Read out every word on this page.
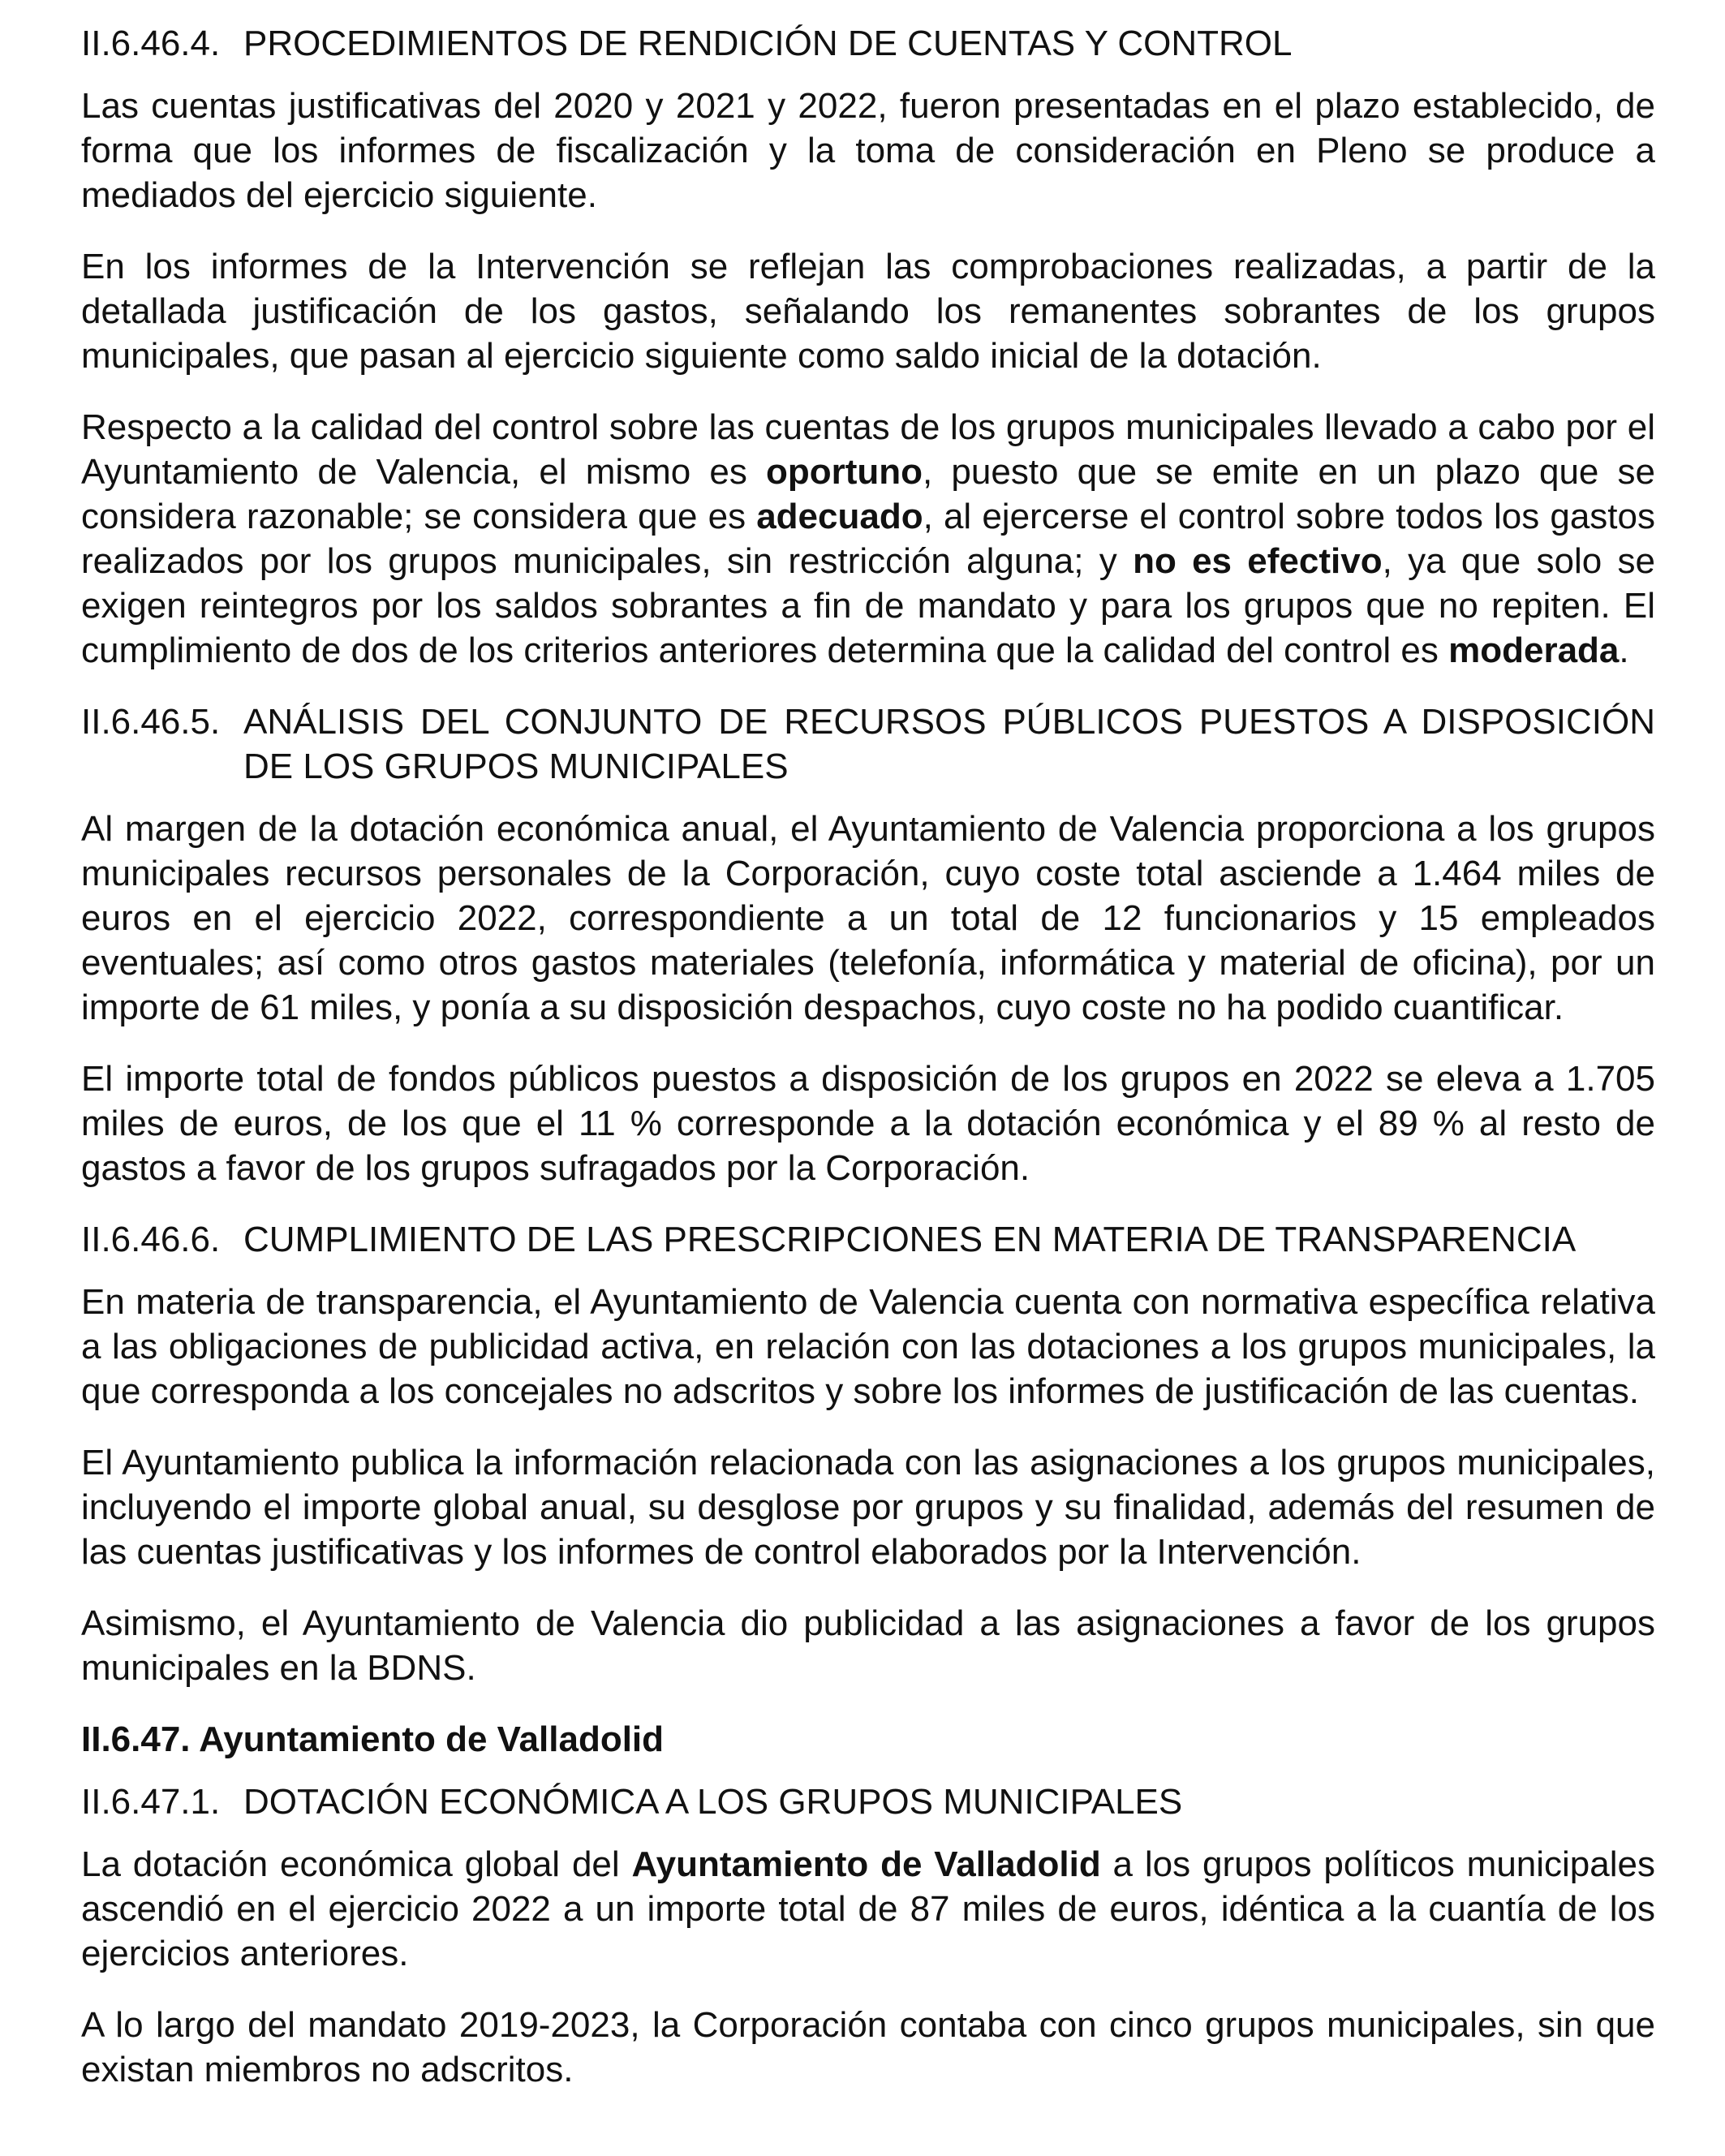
II.6.46.4. PROCEDIMIENTOS DE RENDICIÓN DE CUENTAS Y CONTROL

Las cuentas justificativas del 2020 y 2021 y 2022, fueron presentadas en el plazo establecido, de forma que los informes de fiscalización y la toma de consideración en Pleno se produce a mediados del ejercicio siguiente.

En los informes de la Intervención se reflejan las comprobaciones realizadas, a partir de la detallada justificación de los gastos, señalando los remanentes sobrantes de los grupos municipales, que pasan al ejercicio siguiente como saldo inicial de la dotación.

Respecto a la calidad del control sobre las cuentas de los grupos municipales llevado a cabo por el Ayuntamiento de Valencia, el mismo es oportuno, puesto que se emite en un plazo que se considera razonable; se considera que es adecuado, al ejercerse el control sobre todos los gastos realizados por los grupos municipales, sin restricción alguna; y no es efectivo, ya que solo se exigen reintegros por los saldos sobrantes a fin de mandato y para los grupos que no repiten. El cumplimiento de dos de los criterios anteriores determina que la calidad del control es moderada.

II.6.46.5. ANÁLISIS DEL CONJUNTO DE RECURSOS PÚBLICOS PUESTOS A DISPOSICIÓN DE LOS GRUPOS MUNICIPALES

Al margen de la dotación económica anual, el Ayuntamiento de Valencia proporciona a los grupos municipales recursos personales de la Corporación, cuyo coste total asciende a 1.464 miles de euros en el ejercicio 2022, correspondiente a un total de 12 funcionarios y 15 empleados eventuales; así como otros gastos materiales (telefonía, informática y material de oficina), por un importe de 61 miles, y ponía a su disposición despachos, cuyo coste no ha podido cuantificar.

El importe total de fondos públicos puestos a disposición de los grupos en 2022 se eleva a 1.705 miles de euros, de los que el 11 % corresponde a la dotación económica y el 89 % al resto de gastos a favor de los grupos sufragados por la Corporación.

II.6.46.6. CUMPLIMIENTO DE LAS PRESCRIPCIONES EN MATERIA DE TRANSPARENCIA

En materia de transparencia, el Ayuntamiento de Valencia cuenta con normativa específica relativa a las obligaciones de publicidad activa, en relación con las dotaciones a los grupos municipales, la que corresponda a los concejales no adscritos y sobre los informes de justificación de las cuentas.

El Ayuntamiento publica la información relacionada con las asignaciones a los grupos municipales, incluyendo el importe global anual, su desglose por grupos y su finalidad, además del resumen de las cuentas justificativas y los informes de control elaborados por la Intervención.

Asimismo, el Ayuntamiento de Valencia dio publicidad a las asignaciones a favor de los grupos municipales en la BDNS.

II.6.47. Ayuntamiento de Valladolid
II.6.47.1. DOTACIÓN ECONÓMICA A LOS GRUPOS MUNICIPALES

La dotación económica global del Ayuntamiento de Valladolid a los grupos políticos municipales ascendió en el ejercicio 2022 a un importe total de 87 miles de euros, idéntica a la cuantía de los ejercicios anteriores.

A lo largo del mandato 2019-2023, la Corporación contaba con cinco grupos municipales, sin que existan miembros no adscritos.
